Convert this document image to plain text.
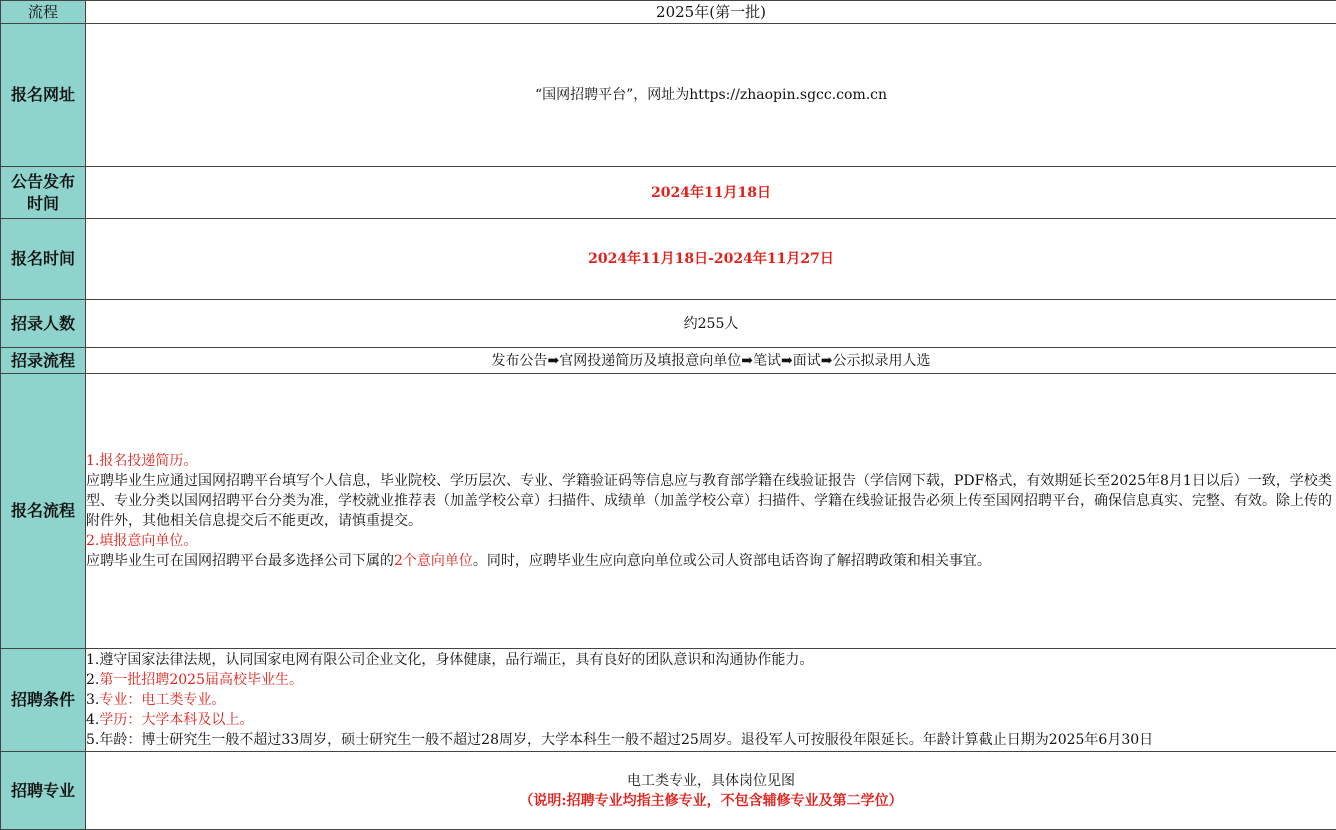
流程	2025年(第一批)
报名网址	“国网招聘平台”，网址为https://zhaopin.sgcc.com.cn

公告发布
时间	2024年11月18日
报名时间	2024年11月18日-2024年11月27日
招录人数	约255人
招录流程	发布公告➡官网投递简历及填报意向单位➡笔试➡面试➡公示拟录用人选
报名流程	1.报名投递简历。
应聘毕业生应通过国网招聘平台填写个人信息，毕业院校、学历层次、专业、学籍验证码等信息应与教育部学籍在线验证报告（学信网下载，PDF格式，有效期延长至2025年8月1日以后）一致，学校类型、专业分类以国网招聘平台分类为准，学校就业推荐表（加盖学校公章）扫描件、成绩单（加盖学校公章）扫描件、学籍在线验证报告必须上传至国网招聘平台，确保信息真实、完整、有效。除上传的附件外，其他相关信息提交后不能更改，请慎重提交。
2.填报意向单位。
应聘毕业生可在国网招聘平台最多选择公司下属的2个意向单位。同时，应聘毕业生应向意向单位或公司人资部电话咨询了解招聘政策和相关事宜。

招聘条件	1.遵守国家法律法规，认同国家电网有限公司企业文化，身体健康，品行端正，具有良好的团队意识和沟通协作能力。
2.第一批招聘2025届高校毕业生。
3.专业：电工类专业。
4.学历：大学本科及以上。
5.年龄：博士研究生一般不超过33周岁，硕士研究生一般不超过28周岁，大学本科生一般不超过25周岁。退役军人可按服役年限延长。年龄计算截止日期为2025年6月30日

招聘专业	电工类专业，具体岗位见图
（说明:招聘专业均指主修专业，不包含辅修专业及第二学位）
